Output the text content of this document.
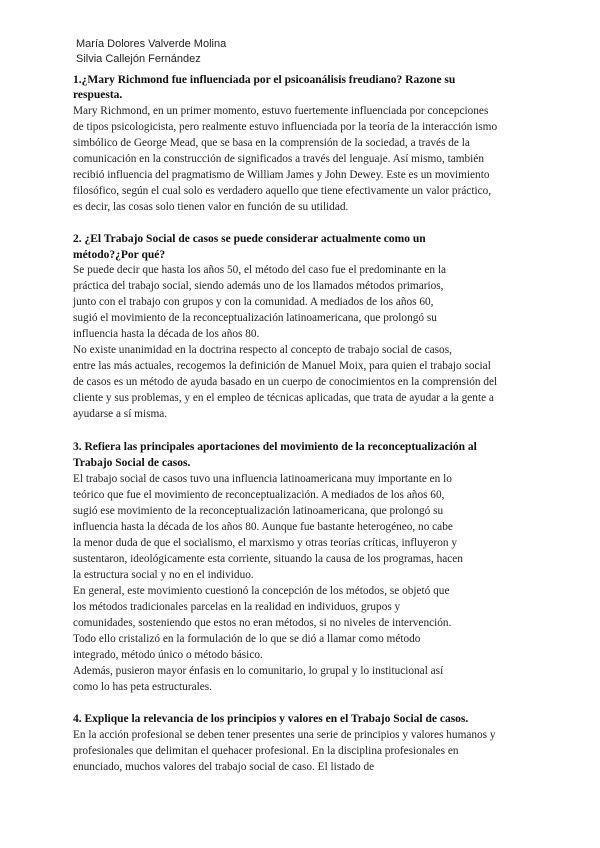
María Dolores Valverde Molina
Silvia Callejón Fernández
1.¿Mary Richmond fue influenciada por el psicoanálisis freudiano? Razone su
respuesta.
Mary Richmond, en un primer momento, estuvo fuertemente influenciada por concepciones
de tipos psicologicista, pero realmente estuvo influenciada por la teoría de la interacción ismo
simbólico de George Mead, que se basa en la comprensión de la sociedad, a través de la
comunicación en la construcción de significados a través del lenguaje. Así mismo, también
recibió influencia del pragmatismo de William James y John Dewey. Este es un movimiento
filosófico, según el cual solo es verdadero aquello que tiene efectivamente un valor práctico,
es decir, las cosas solo tienen valor en función de su utilidad.
2. ¿El Trabajo Social de casos se puede considerar actualmente como un
método?¿Por qué?
Se puede decir que hasta los años 50, el método del caso fue el predominante en la
práctica del trabajo social, siendo además uno de los llamados métodos primarios,
junto con el trabajo con grupos y con la comunidad. A mediados de los años 60,
sugió el movimiento de la reconceptualización latinoamericana, que prolongó su
influencia hasta la década de los años 80.
No existe unanimidad en la doctrina respecto al concepto de trabajo social de casos,
entre las más actuales, recogemos la definición de Manuel Moix, para quien el trabajo social
de casos es un método de ayuda basado en un cuerpo de conocimientos en la comprensión del
cliente y sus problemas, y en el empleo de técnicas aplicadas, que trata de ayudar a la gente a
ayudarse a sí misma.
3. Refiera las principales aportaciones del movimiento de la reconceptualización al
Trabajo Social de casos.
El trabajo social de casos tuvo una influencia latinoamericana muy importante en lo
teórico que fue el movimiento de reconceptualización. A mediados de los años 60,
sugió ese movimiento de la reconceptualización latinoamericana, que prolongó su
influencia hasta la década de los años 80. Aunque fue bastante heterogéneo, no cabe
la menor duda de que el socialismo, el marxismo y otras teorías críticas, influyeron y
sustentaron, ideológicamente esta corriente, situando la causa de los programas, hacen
la estructura social y no en el individuo.
En general, este movimiento cuestionó la concepción de los métodos, se objetó que
los métodos tradicionales parcelas en la realidad en individuos, grupos y
comunidades, sosteniendo que estos no eran métodos, si no niveles de intervención.
Todo ello cristalizó en la formulación de lo que se dió a llamar como método
integrado, método único o método básico.
Además, pusieron mayor énfasis en lo comunitario, lo grupal y lo institucional así
como lo has peta estructurales.
4. Explique la relevancia de los principios y valores en el Trabajo Social de casos.
En la acción profesional se deben tener presentes una serie de principios y valores humanos y
profesionales que delimitan el quehacer profesional. En la disciplina profesionales en
enunciado, muchos valores del trabajo social de caso. El listado de
